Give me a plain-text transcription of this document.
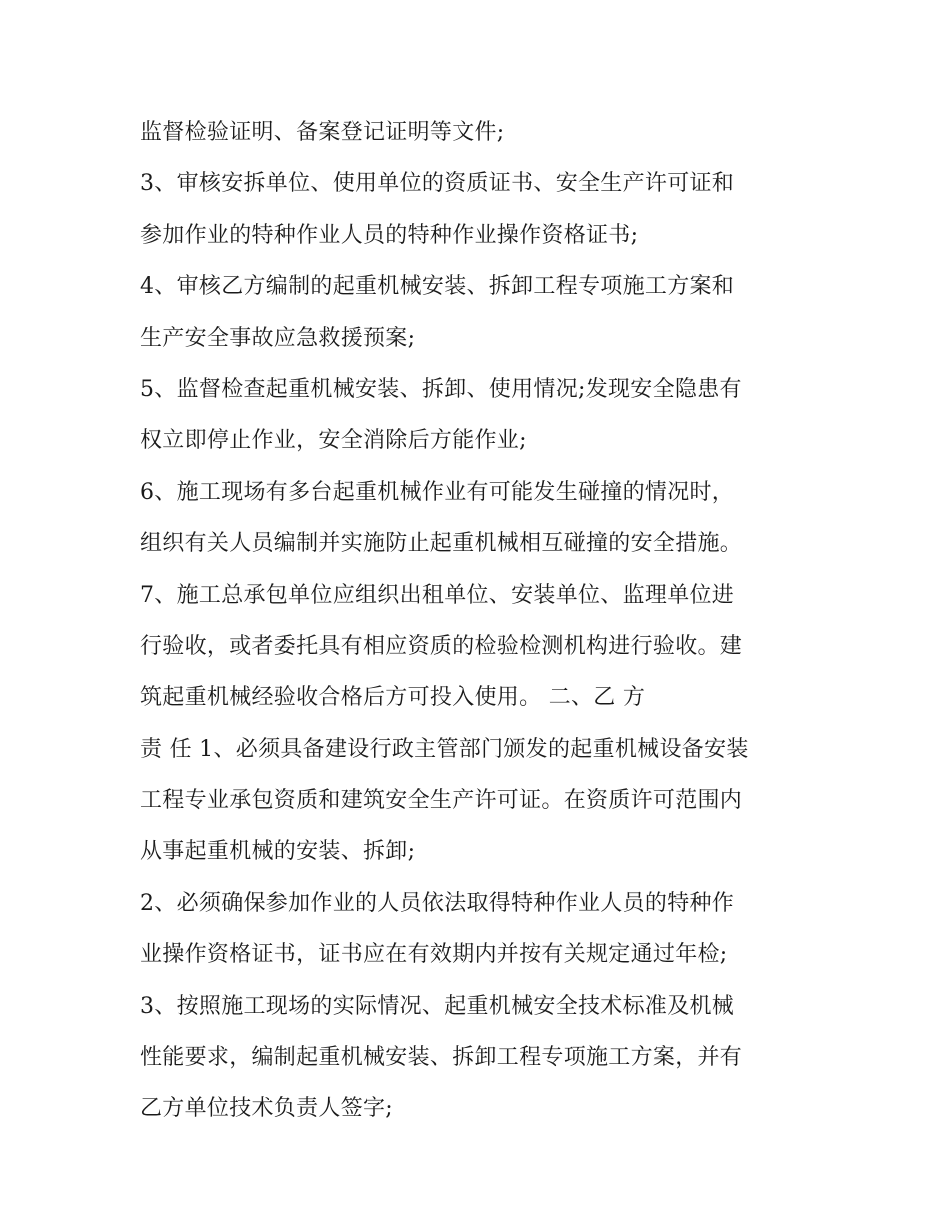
监督检验证明、备案登记证明等文件;
3、审核安拆单位、使用单位的资质证书、安全生产许可证和
参加作业的特种作业人员的特种作业操作资格证书;
4、审核乙方编制的起重机械安装、拆卸工程专项施工方案和
生产安全事故应急救援预案;
5、监督检查起重机械安装、拆卸、使用情况;发现安全隐患有
权立即停止作业，安全消除后方能作业;
6、施工现场有多台起重机械作业有可能发生碰撞的情况时，
组织有关人员编制并实施防止起重机械相互碰撞的安全措施。
7、施工总承包单位应组织出租单位、安装单位、监理单位进
行验收，或者委托具有相应资质的检验检测机构进行验收。建
筑起重机械经验收合格后方可投入使用。 二、乙 方
责 任 1、必须具备建设行政主管部门颁发的起重机械设备安装
工程专业承包资质和建筑安全生产许可证。在资质许可范围内
从事起重机械的安装、拆卸;
2、必须确保参加作业的人员依法取得特种作业人员的特种作
业操作资格证书，证书应在有效期内并按有关规定通过年检;
3、按照施工现场的实际情况、起重机械安全技术标准及机械
性能要求，编制起重机械安装、拆卸工程专项施工方案，并有
乙方单位技术负责人签字;
